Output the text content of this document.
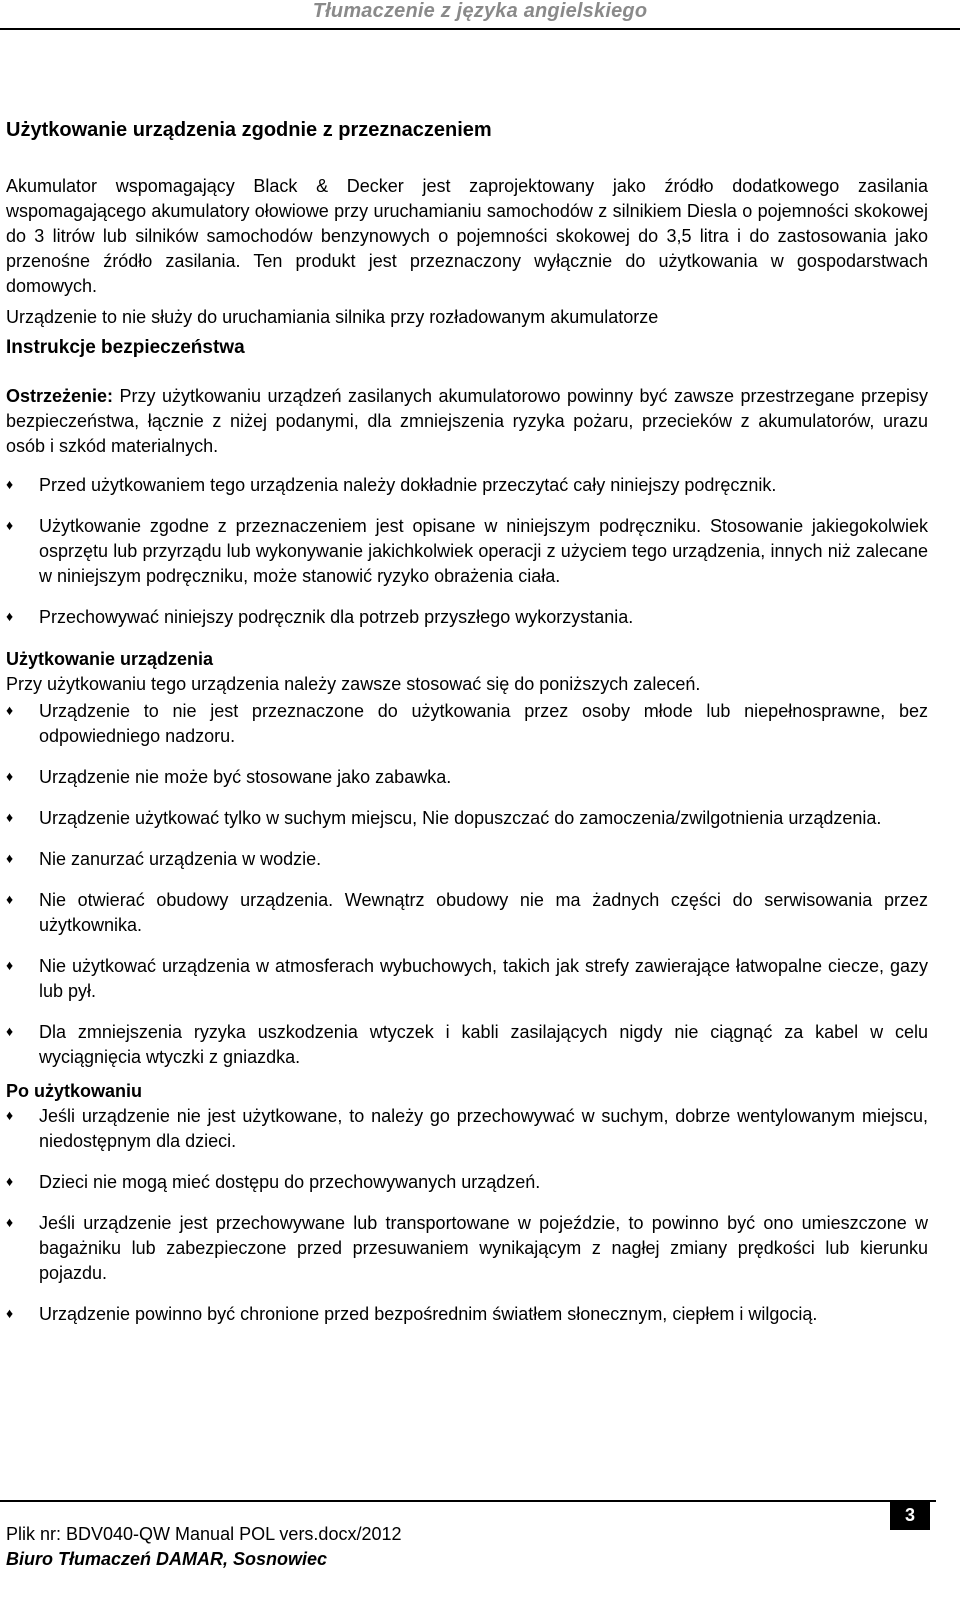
Tłumaczenie z języka angielskiego
Użytkowanie urządzenia zgodnie z przeznaczeniem

Akumulator wspomagający Black & Decker jest zaprojektowany jako źródło dodatkowego zasilania wspomagającego akumulatory ołowiowe przy uruchamianiu samochodów z silnikiem Diesla o pojemności skokowej do 3 litrów lub silników samochodów benzynowych o pojemności skokowej do 3,5 litra i do zastosowania jako przenośne źródło zasilania. Ten produkt jest przeznaczony wyłącznie do użytkowania w gospodarstwach domowych.

Urządzenie to nie służy do uruchamiania silnika przy rozładowanym akumulatorze

Instrukcje bezpieczeństwa

Ostrzeżenie: Przy użytkowaniu urządzeń zasilanych akumulatorowo powinny być zawsze przestrzegane przepisy bezpieczeństwa, łącznie z niżej podanymi, dla zmniejszenia ryzyka pożaru, przecieków z akumulatorów, urazu osób i szkód materialnych.

♦ Przed użytkowaniem tego urządzenia należy dokładnie przeczytać cały niniejszy podręcznik.
♦ Użytkowanie zgodne z przeznaczeniem jest opisane w niniejszym podręczniku. Stosowanie jakiegokolwiek osprzętu lub przyrządu lub wykonywanie jakichkolwiek operacji z użyciem tego urządzenia, innych niż zalecane w niniejszym podręczniku, może stanowić ryzyko obrażenia ciała.
♦ Przechowywać niniejszy podręcznik dla potrzeb przyszłego wykorzystania.
Użytkowanie urządzenia

Przy użytkowaniu tego urządzenia należy zawsze stosować się do poniższych zaleceń.

♦ Urządzenie to nie jest przeznaczone do użytkowania przez osoby młode lub niepełnosprawne, bez odpowiedniego nadzoru.
♦ Urządzenie nie może być stosowane jako zabawka.
♦ Urządzenie użytkować tylko w suchym miejscu, Nie dopuszczać do zamoczenia/zwilgotnienia urządzenia.
♦ Nie zanurzać urządzenia w wodzie.
♦ Nie otwierać obudowy urządzenia. Wewnątrz obudowy nie ma żadnych części do serwisowania przez użytkownika.
♦ Nie użytkować urządzenia w atmosferach wybuchowych, takich jak strefy zawierające łatwopalne ciecze, gazy lub pył.
♦ Dla zmniejszenia ryzyka uszkodzenia wtyczek i kabli zasilających nigdy nie ciągnąć za kabel w celu wyciągnięcia wtyczki z gniazdka.
Po użytkowaniu
♦ Jeśli urządzenie nie jest użytkowane, to należy go przechowywać w suchym, dobrze wentylowanym miejscu, niedostępnym dla dzieci.
♦ Dzieci nie mogą mieć dostępu do przechowywanych urządzeń.
♦ Jeśli urządzenie jest przechowywane lub transportowane w pojeździe, to powinno być ono umieszczone w bagażniku lub zabezpieczone przed przesuwaniem wynikającym z nagłej zmiany prędkości lub kierunku pojazdu.
♦ Urządzenie powinno być chronione przed bezpośrednim światłem słonecznym, ciepłem i wilgocią.
3
Plik nr: BDV040-QW Manual POL vers.docx/2012
Biuro Tłumaczeń DAMAR, Sosnowiec
